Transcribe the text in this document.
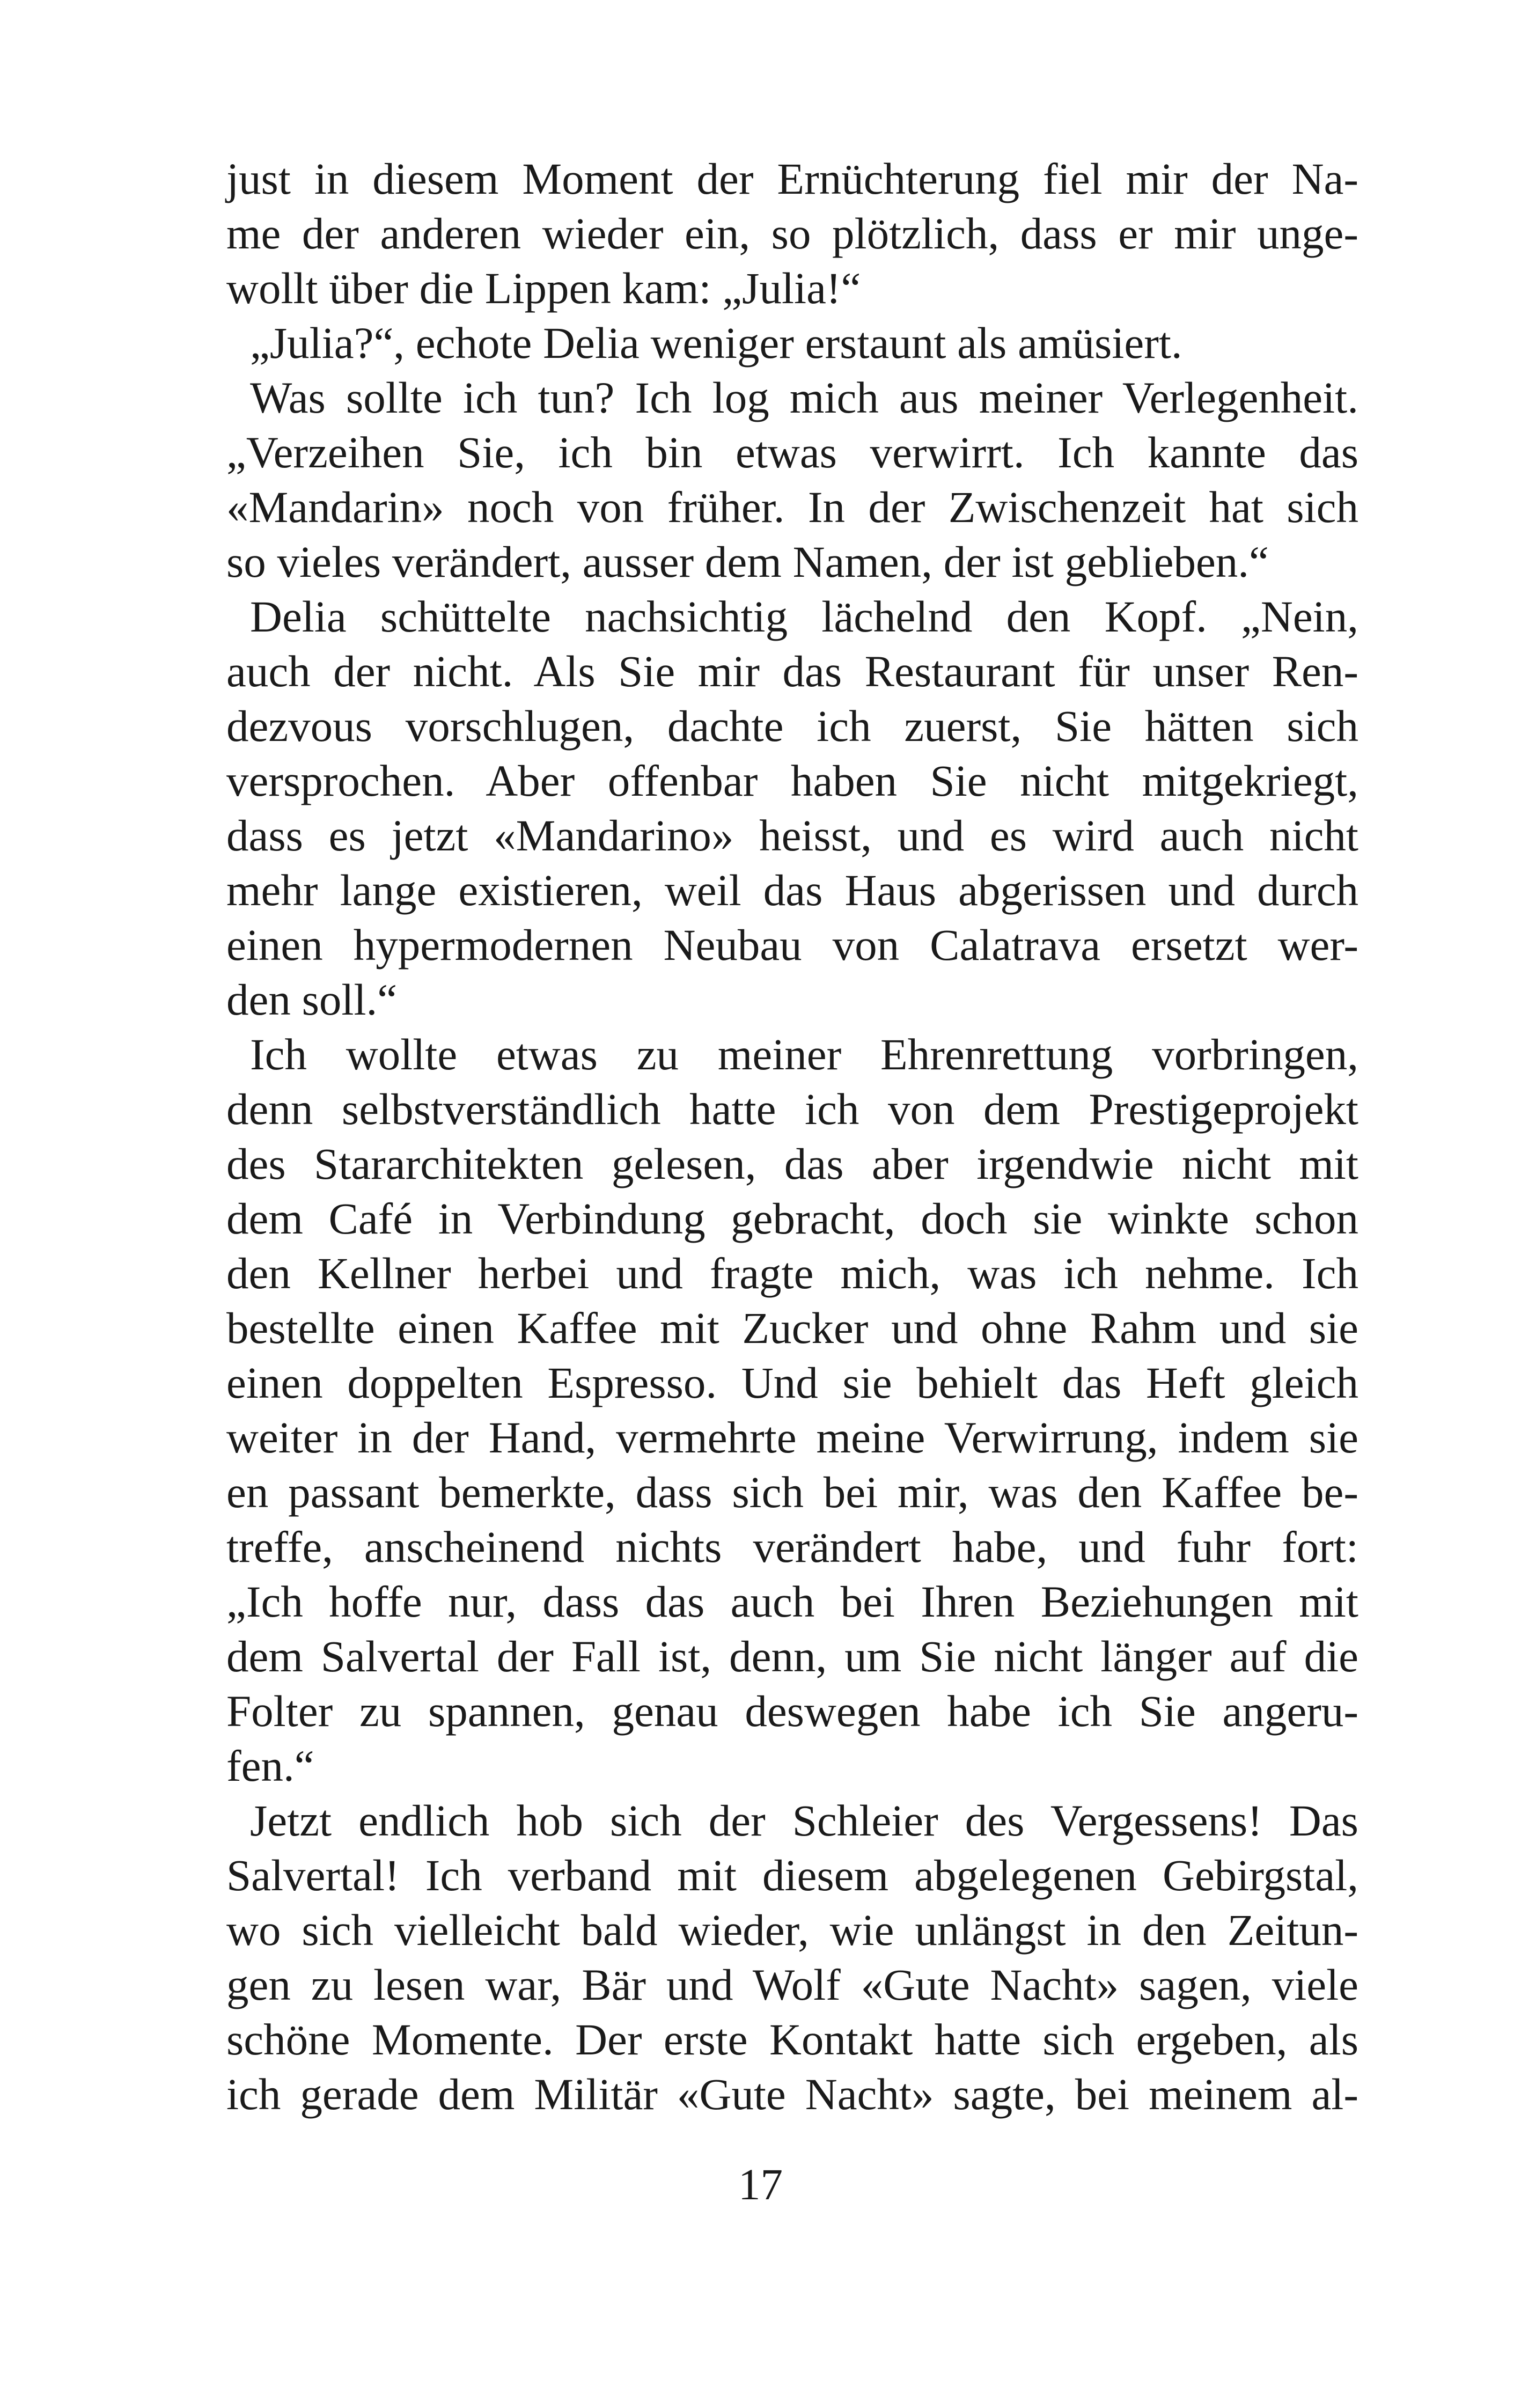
just in diesem Moment der Ernüchterung fiel mir der Na-
me der anderen wieder ein, so plötzlich, dass er mir unge-
wollt über die Lippen kam: „Julia!“
„Julia?“, echote Delia weniger erstaunt als amüsiert.
Was sollte ich tun? Ich log mich aus meiner Verlegenheit.
„Verzeihen Sie, ich bin etwas verwirrt. Ich kannte das
«Mandarin» noch von früher. In der Zwischenzeit hat sich
so vieles verändert, ausser dem Namen, der ist geblieben.“
Delia schüttelte nachsichtig lächelnd den Kopf. „Nein,
auch der nicht. Als Sie mir das Restaurant für unser Ren-
dezvous vorschlugen, dachte ich zuerst, Sie hätten sich
versprochen. Aber offenbar haben Sie nicht mitgekriegt,
dass es jetzt «Mandarino» heisst, und es wird auch nicht
mehr lange existieren, weil das Haus abgerissen und durch
einen hypermodernen Neubau von Calatrava ersetzt wer-
den soll.“
Ich wollte etwas zu meiner Ehrenrettung vorbringen,
denn selbstverständlich hatte ich von dem Prestigeprojekt
des Stararchitekten gelesen, das aber irgendwie nicht mit
dem Café in Verbindung gebracht, doch sie winkte schon
den Kellner herbei und fragte mich, was ich nehme. Ich
bestellte einen Kaffee mit Zucker und ohne Rahm und sie
einen doppelten Espresso. Und sie behielt das Heft gleich
weiter in der Hand, vermehrte meine Verwirrung, indem sie
en passant bemerkte, dass sich bei mir, was den Kaffee be-
treffe, anscheinend nichts verändert habe, und fuhr fort:
„Ich hoffe nur, dass das auch bei Ihren Beziehungen mit
dem Salvertal der Fall ist, denn, um Sie nicht länger auf die
Folter zu spannen, genau deswegen habe ich Sie angeru-
fen.“
Jetzt endlich hob sich der Schleier des Vergessens! Das
Salvertal! Ich verband mit diesem abgelegenen Gebirgstal,
wo sich vielleicht bald wieder, wie unlängst in den Zeitun-
gen zu lesen war, Bär und Wolf «Gute Nacht» sagen, viele
schöne Momente. Der erste Kontakt hatte sich ergeben, als
ich gerade dem Militär «Gute Nacht» sagte, bei meinem al-
17
